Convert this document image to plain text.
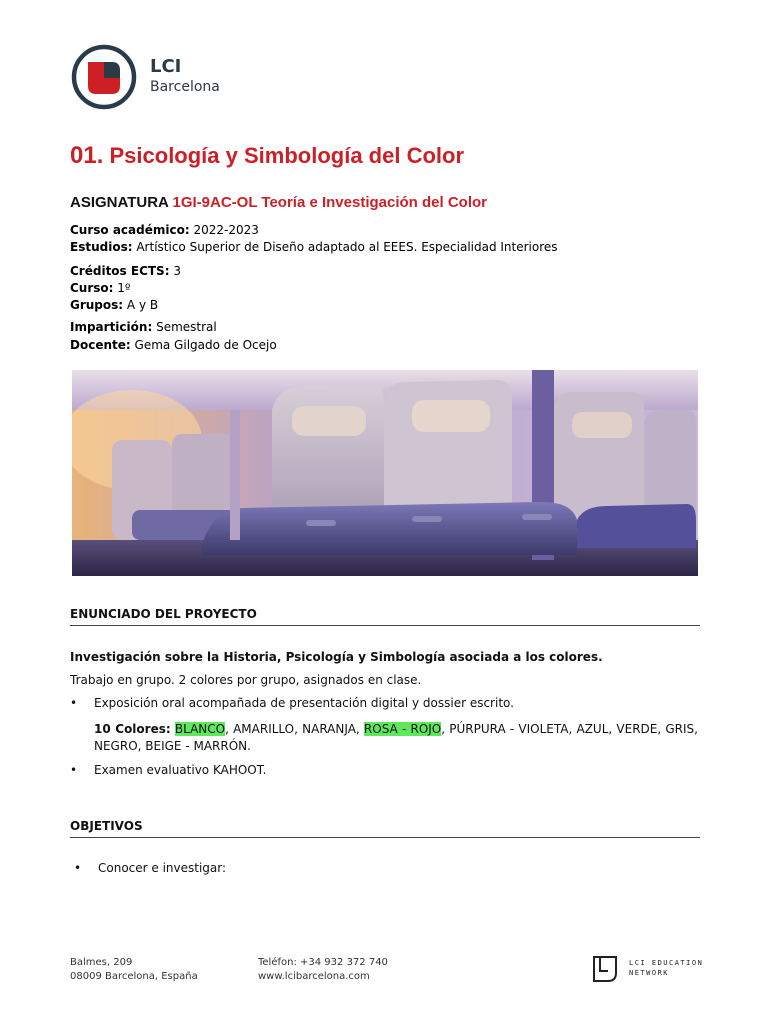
LCI
Barcelona
01. Psicología y Simbología del Color
ASIGNATURA 1GI-9AC-OL Teoría e Investigación del Color
Curso académico: 2022-2023
Estudios: Artístico Superior de Diseño adaptado al EEES. Especialidad Interiores
Créditos ECTS: 3
Curso: 1º
Grupos: A y B
Impartición: Semestral
Docente: Gema Gilgado de Ocejo
ENUNCIADO DEL PROYECTO
Investigación sobre la Historia, Psicología y Simbología asociada a los colores.
Trabajo en grupo. 2 colores por grupo, asignados en clase.
• Exposición oral acompañada de presentación digital y dossier escrito.
10 Colores: BLANCO, AMARILLO, NARANJA, ROSA - ROJO, PÚRPURA - VIOLETA, AZUL, VERDE, GRIS, NEGRO, BEIGE - MARRÓN.
• Examen evaluativo KAHOOT.
OBJETIVOS
• Conocer e investigar:
Balmes, 209
08009 Barcelona, España
Teléfon: +34 932 372 740
www.lcibarcelona.com
LCI EDUCATION
NETWORK
